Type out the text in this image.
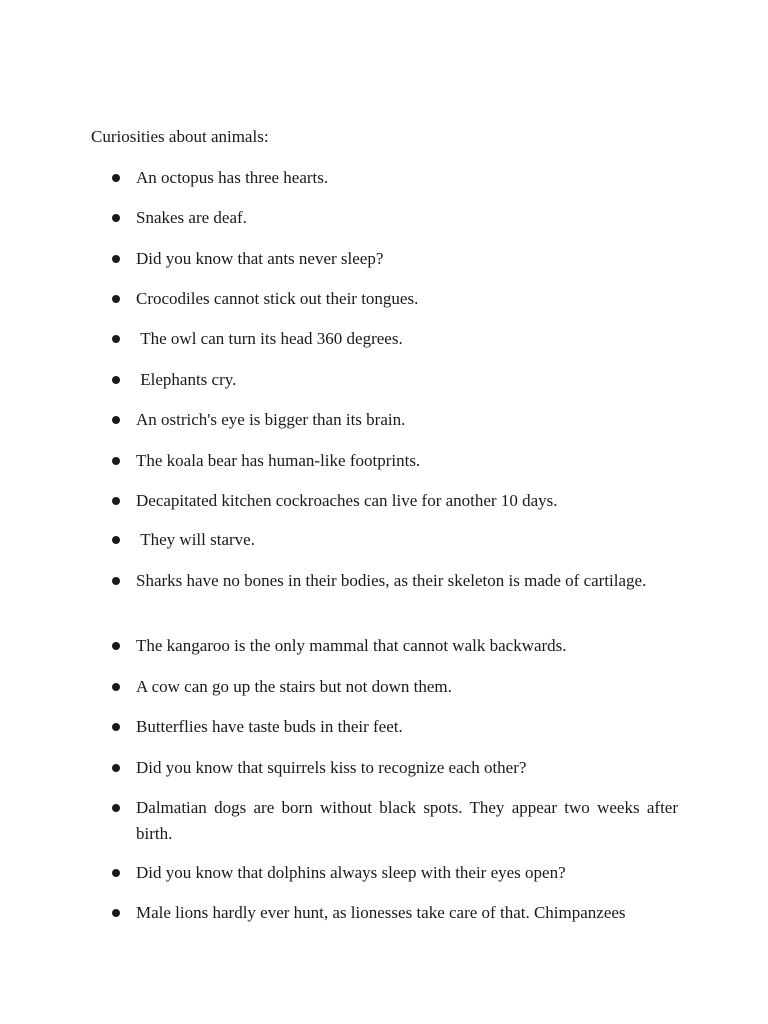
Curiosities about animals:

An octopus has three hearts.
Snakes are deaf.
Did you know that ants never sleep?
Crocodiles cannot stick out their tongues.
The owl can turn its head 360 degrees.
Elephants cry.
An ostrich's eye is bigger than its brain.
The koala bear has human-like footprints.
Decapitated kitchen cockroaches can live for another 10 days.
They will starve.
Sharks have no bones in their bodies, as their skeleton is made of cartilage.
The kangaroo is the only mammal that cannot walk backwards.
A cow can go up the stairs but not down them.
Butterflies have taste buds in their feet.
Did you know that squirrels kiss to recognize each other?
Dalmatian dogs are born without black spots. They appear two weeks after birth.
Did you know that dolphins always sleep with their eyes open?
Male lions hardly ever hunt, as lionesses take care of that. Chimpanzees
